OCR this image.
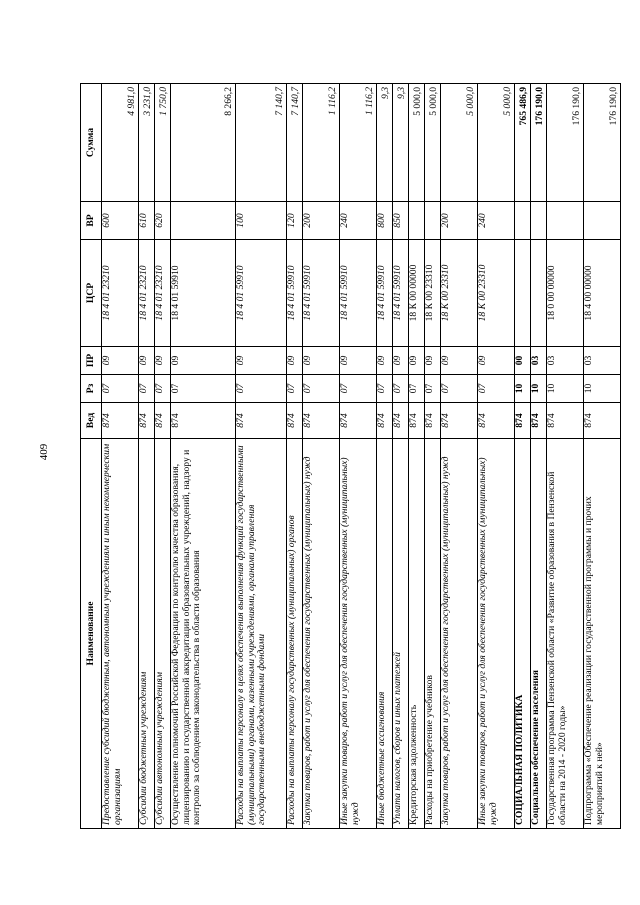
409
Наименование	Вед	Рз	ПР	ЦСР	ВР	Сумма
Предоставление субсидий бюджетным, автономным учреждениям и иным некоммерческим организациям	874	07	09	18 4 01 23210	600	4 981,0
Субсидии бюджетным учреждениям	874	07	09	18 4 01 23210	610	3 231,0
Субсидии автономным учреждениям	874	07	09	18 4 01 23210	620	1 750,0
Осуществление полномочий Российской Федерации по контролю качества образования, лицензированию и государственной аккредитации образовательных учреждений, надзору и контролю за соблюдением законодательства в области образования	874	07	09	18 4 01 59910		8 266,2
Расходы на выплаты персоналу в целях обеспечения выполнения функций государственными (муниципальными) органами, казенными учреждениями, органами управления государственными внебюджетными фондами	874	07	09	18 4 01 59910	100	7 140,7
Расходы на выплаты персоналу государственных (муниципальных) органов	874	07	09	18 4 01 59910	120	7 140,7
Закупка товаров, работ и услуг для обеспечения государственных (муниципальных) нужд	874	07	09	18 4 01 59910	200	1 116,2
Иные закупки товаров, работ и услуг для обеспечения государственных (муниципальных) нужд	874	07	09	18 4 01 59910	240	1 116,2
Иные бюджетные ассигнования	874	07	09	18 4 01 59910	800	9,3
Уплата налогов, сборов и иных платежей	874	07	09	18 4 01 59910	850	9,3
Кредиторская задолженность	874	07	09	18 К 00 00000		5 000,0
Расходы на приобретение учебников	874	07	09	18 К 00 23310		5 000,0
Закупка товаров, работ и услуг для обеспечения государственных (муниципальных) нужд	874	07	09	18 К 00 23310	200	5 000,0
Иные закупки товаров, работ и услуг для обеспечения государственных (муниципальных) нужд	874	07	09	18 К 00 23310	240	5 000,0
СОЦИАЛЬНАЯ ПОЛИТИКА	874	10	00			765 486,9
Социальное обеспечение населения	874	10	03			176 190,0
Государственная программа Пензенской области «Развитие образования в Пензенской области на 2014 - 2020 годы»	874	10	03	18 0 00 00000		176 190,0
Подпрограмма «Обеспечение реализации государственной программы и прочих мероприятий к ней»	874	10	03	18 4 00 00000		176 190,0
